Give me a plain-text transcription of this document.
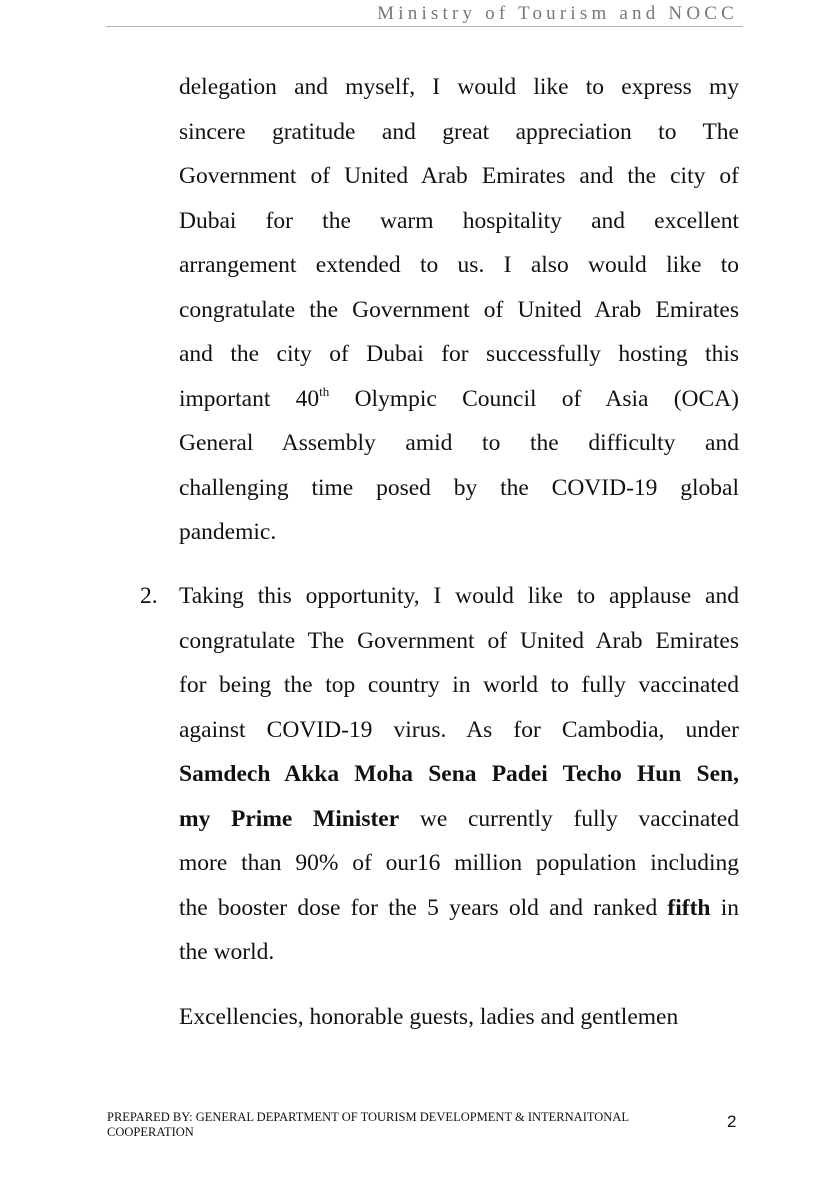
Ministry of Tourism and NOCC
delegation and myself, I would like to express my
sincere gratitude and great appreciation to The
Government of United Arab Emirates and the city of
Dubai for the warm hospitality and excellent
arrangement extended to us. I also would like to
congratulate the Government of United Arab Emirates
and the city of Dubai for successfully hosting this
important 40th Olympic Council of Asia (OCA)
General Assembly amid to the difficulty and
challenging time posed by the COVID-19 global
pandemic.
2. Taking this opportunity, I would like to applause and
congratulate The Government of United Arab Emirates
for being the top country in world to fully vaccinated
against COVID-19 virus. As for Cambodia, under
Samdech Akka Moha Sena Padei Techo Hun Sen,
my Prime Minister we currently fully vaccinated
more than 90% of our16 million population including
the booster dose for the 5 years old and ranked fifth in
the world.
Excellencies, honorable guests, ladies and gentlemen
PREPARED BY: GENERAL DEPARTMENT OF TOURISM DEVELOPMENT & INTERNAITONAL
COOPERATION
2
